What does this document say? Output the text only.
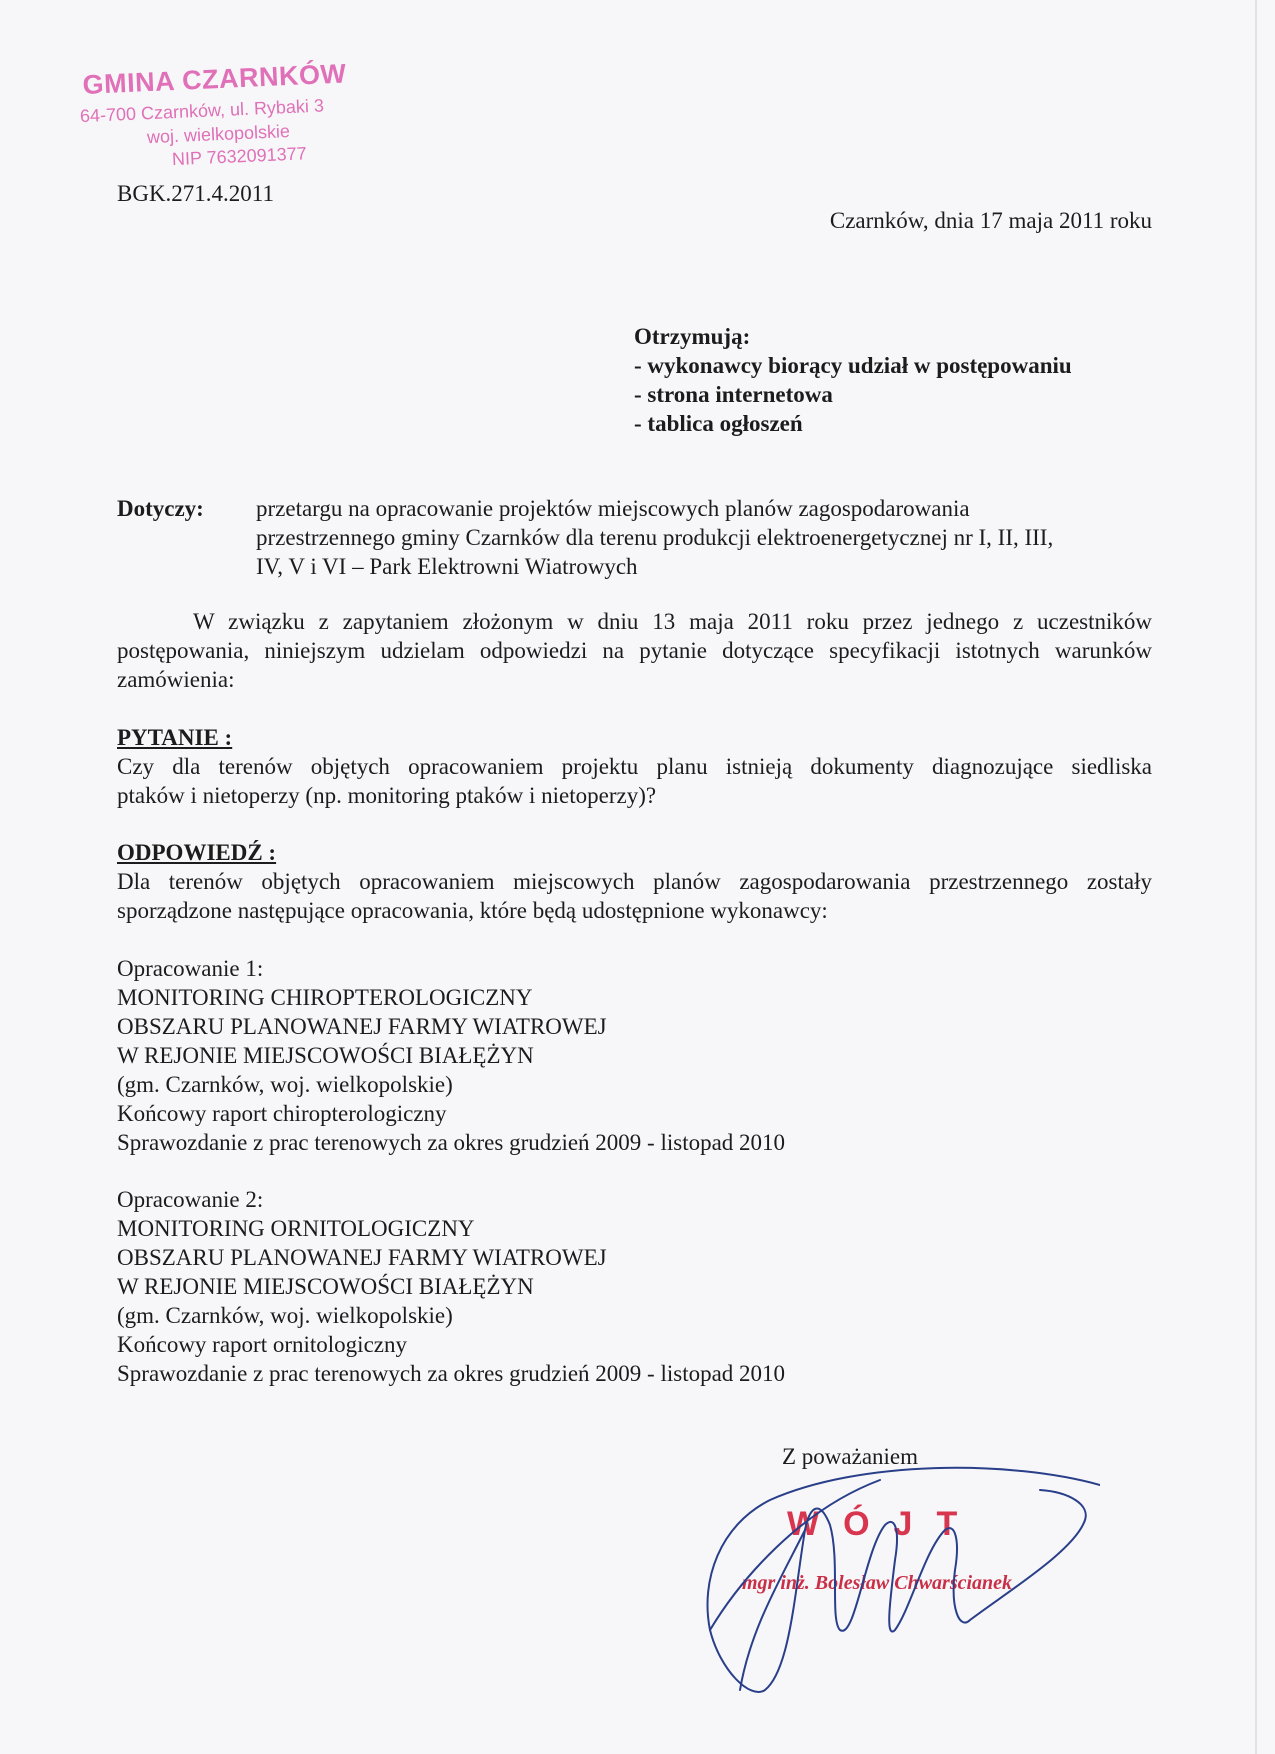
GMINA CZARNKÓW
64-700 Czarnków, ul. Rybaki 3
woj. wielkopolskie
NIP 7632091377
BGK.271.4.2011
Czarnków, dnia 17 maja 2011 roku
Otrzymują:
- wykonawcy biorący udział w postępowaniu
- strona internetowa
- tablica ogłoszeń
Dotyczy: przetargu na opracowanie projektów miejscowych planów zagospodarowania
przestrzennego gminy Czarnków dla terenu produkcji elektroenergetycznej nr I, II, III,
IV, V i VI – Park Elektrowni Wiatrowych
W związku z zapytaniem złożonym w dniu 13 maja 2011 roku przez jednego z uczestników
postępowania, niniejszym udzielam odpowiedzi na pytanie dotyczące specyfikacji istotnych warunków
zamówienia:
PYTANIE :
Czy dla terenów objętych opracowaniem projektu planu istnieją dokumenty diagnozujące siedliska
ptaków i nietoperzy (np. monitoring ptaków i nietoperzy)?
ODPOWIEDŹ :
Dla terenów objętych opracowaniem miejscowych planów zagospodarowania przestrzennego zostały
sporządzone następujące opracowania, które będą udostępnione wykonawcy:
Opracowanie 1:
MONITORING CHIROPTEROLOGICZNY
OBSZARU PLANOWANEJ FARMY WIATROWEJ
W REJONIE MIEJSCOWOŚCI BIAŁĘŻYN
(gm. Czarnków, woj. wielkopolskie)
Końcowy raport chiropterologiczny
Sprawozdanie z prac terenowych za okres grudzień 2009 - listopad 2010
Opracowanie 2:
MONITORING ORNITOLOGICZNY
OBSZARU PLANOWANEJ FARMY WIATROWEJ
W REJONIE MIEJSCOWOŚCI BIAŁĘŻYN
(gm. Czarnków, woj. wielkopolskie)
Końcowy raport ornitologiczny
Sprawozdanie z prac terenowych za okres grudzień 2009 - listopad 2010
Z poważaniem
WÓJT
mgr inż. Bolesław Chwarścianek
